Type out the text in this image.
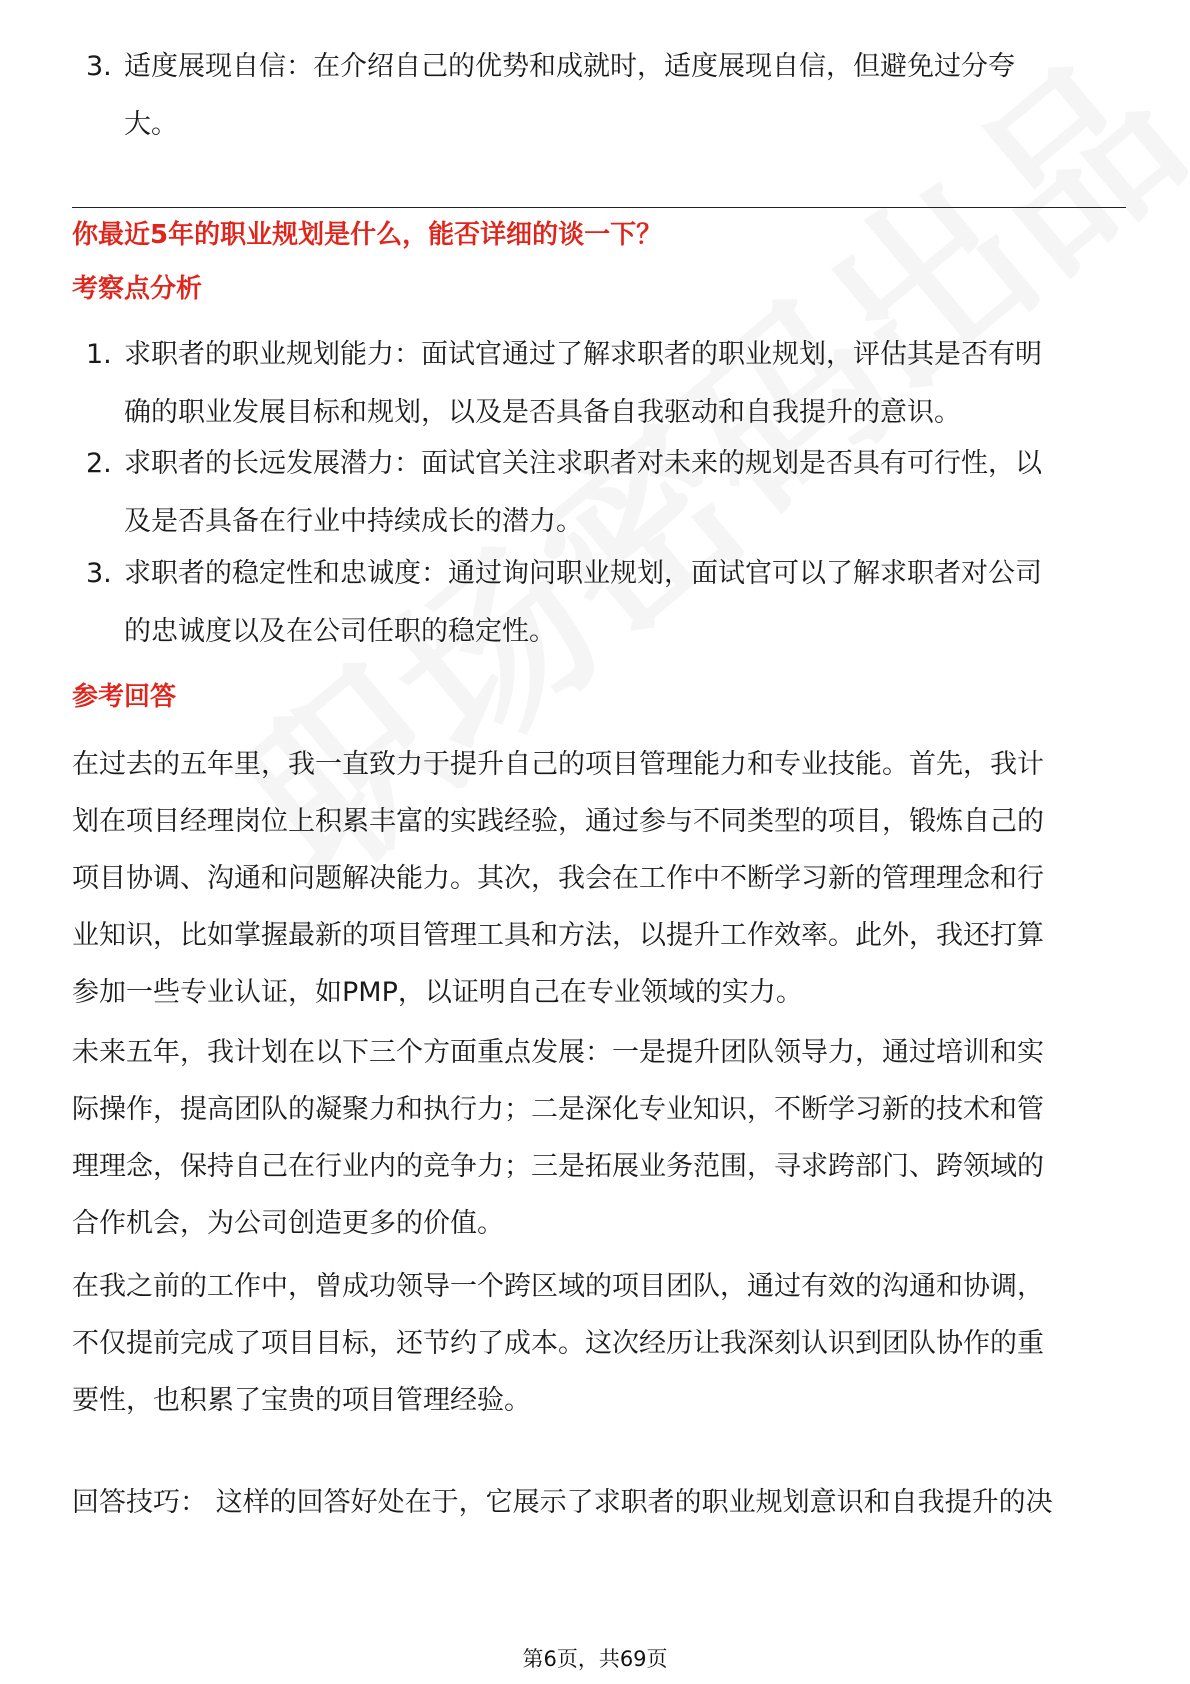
3. 适度展现自信：在介绍自己的优势和成就时，适度展现自信，但避免过分夸
大。
你最近5年的职业规划是什么，能否详细的谈一下？
考察点分析
1. 求职者的职业规划能力：面试官通过了解求职者的职业规划，评估其是否有明
确的职业发展目标和规划，以及是否具备自我驱动和自我提升的意识。
2. 求职者的长远发展潜力：面试官关注求职者对未来的规划是否具有可行性，以
及是否具备在行业中持续成长的潜力。
3. 求职者的稳定性和忠诚度：通过询问职业规划，面试官可以了解求职者对公司
的忠诚度以及在公司任职的稳定性。
参考回答
在过去的五年里，我一直致力于提升自己的项目管理能力和专业技能。首先，我计
划在项目经理岗位上积累丰富的实践经验，通过参与不同类型的项目，锻炼自己的
项目协调、沟通和问题解决能力。其次，我会在工作中不断学习新的管理理念和行
业知识，比如掌握最新的项目管理工具和方法，以提升工作效率。此外，我还打算
参加一些专业认证，如PMP，以证明自己在专业领域的实力。
未来五年，我计划在以下三个方面重点发展：一是提升团队领导力，通过培训和实
际操作，提高团队的凝聚力和执行力；二是深化专业知识，不断学习新的技术和管
理理念，保持自己在行业内的竞争力；三是拓展业务范围，寻求跨部门、跨领域的
合作机会，为公司创造更多的价值。
在我之前的工作中，曾成功领导一个跨区域的项目团队，通过有效的沟通和协调，
不仅提前完成了项目目标，还节约了成本。这次经历让我深刻认识到团队协作的重
要性，也积累了宝贵的项目管理经验。
回答技巧： 这样的回答好处在于，它展示了求职者的职业规划意识和自我提升的决
第6页，共69页
